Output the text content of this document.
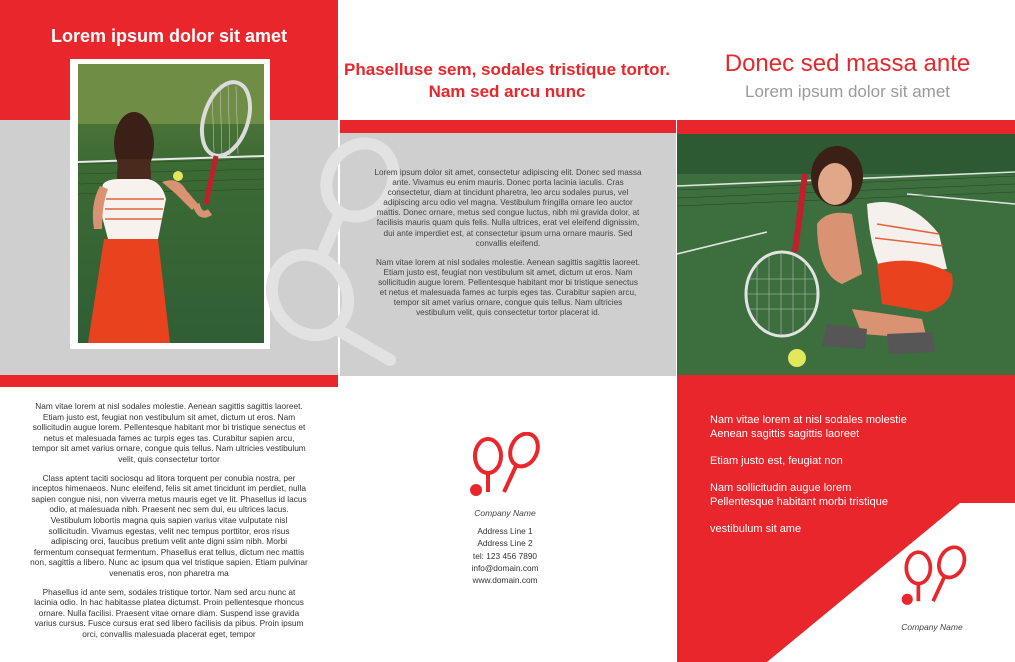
Lorem ipsum dolor sit amet

Nam vitae lorem at nisl sodales molestie. Aenean sagittis sagittis laoreet. Etiam justo est, feugiat non vestibulum sit amet, dictum ut eros. Nam sollicitudin augue lorem. Pellentesque habitant mor bi tristique senectus et netus et malesuada fames ac turpis eges tas. Curabitur sapien arcu, tempor sit amet varius ornare, congue quis tellus. Nam ultricies vestibulum velit, quis consectetur tortor

Class aptent taciti sociosqu ad litora torquent per conubia nostra, per inceptos himenaeos. Nunc eleifend, felis sit amet tincidunt im perdiet, nulla sapien congue nisi, non viverra metus mauris eget ve lit. Phasellus id lacus odio, at malesuada nibh. Praesent nec sem dui, eu ultrices lacus. Vestibulum lobortis magna quis sapien varius vitae vulputate nisl sollicitudin. Vivamus egestas, velit nec tempus porttitor, eros risus adipiscing orci, faucibus pretium velit ante digni ssim nibh. Morbi fermentum consequat fermentum. Phasellus erat tellus, dictum nec mattis non, sagittis a libero. Nunc ac ipsum qua vel tristique sapien. Etiam pulvinar venenatis eros, non pharetra ma

Phasellus id ante sem, sodales tristique tortor. Nam sed arcu nunc at lacinia odio. In hac habitasse platea dictumst. Proin pellentesque rhoncus ornare. Nulla facilisi. Praesent vitae ornare diam. Suspend isse gravida varius cursus. Fusce cursus erat sed libero facilisis da pibus. Proin ipsum orci, convallis malesuada placerat eget, tempor

Phaselluse sem, sodales tristique tortor. Nam sed arcu nunc

Lorem ipsum dolor sit amet, consectetur adipiscing elit. Donec sed massa ante. Vivamus eu enim mauris. Donec porta lacinia iaculis. Cras consectetur, diam at tincidunt pharetra, leo arcu sodales purus, vel adipiscing arcu odio vel magna. Vestibulum fringilla ornare leo auctor mattis. Donec ornare, metus sed congue luctus, nibh mi gravida dolor, at facilisis mauris quam quis felis. Nulla ultrices, erat vel eleifend dignissim, dui ante imperdiet est, at consectetur ipsum urna ornare mauris. Sed convallis eleifend.

Nam vitae lorem at nisl sodales molestie. Aenean sagittis sagittis laoreet. Etiam justo est, feugiat non vestibulum sit amet, dictum ut eros. Nam sollicitudin augue lorem. Pellentesque habitant mor bi tristique senectus et netus et malesuada fames ac turpis eges tas. Curabitur sapien arcu, tempor sit amet varius ornare, congue quis tellus. Nam ultricies vestibulum velit, quis consectetur tortor placerat id.

Company Name
Address Line 1
Address Line 2
tel: 123 456 7890
info@domain.com
www.domain.com
Donec sed massa ante
Lorem ipsum dolor sit amet

Nam vitae lorem at nisl sodales molestie
Aenean sagittis sagittis laoreet

Etiam justo est, feugiat non

Nam sollicitudin augue lorem
Pellentesque habitant morbi tristique

vestibulum sit ame

Company Name
